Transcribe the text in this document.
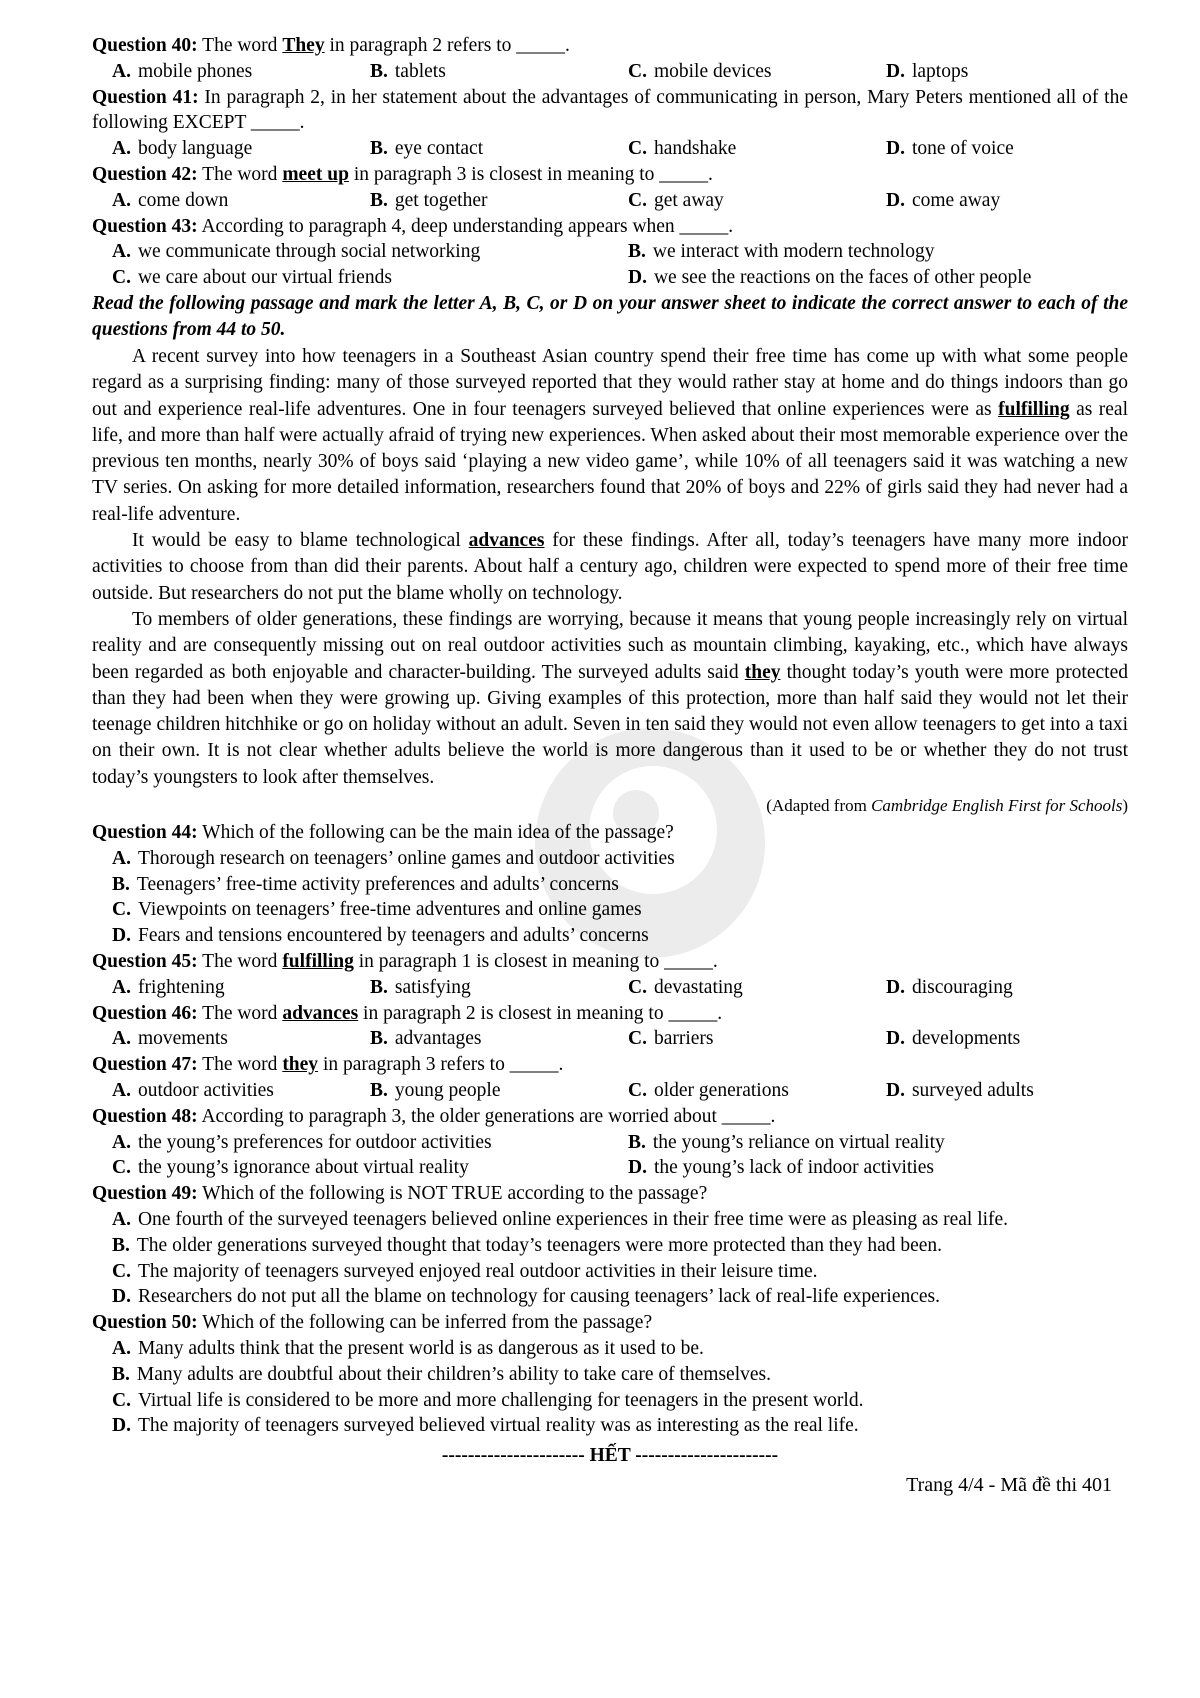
Question 40: The word They in paragraph 2 refers to _____.

A. mobile phones	B. tablets	C. mobile devices	D. laptops

Question 41: In paragraph 2, in her statement about the advantages of communicating in person, Mary Peters mentioned all of the following EXCEPT _____.

A. body language	B. eye contact	C. handshake	D. tone of voice

Question 42: The word meet up in paragraph 3 is closest in meaning to _____.

A. come down	B. get together	C. get away	D. come away

Question 43: According to paragraph 4, deep understanding appears when _____.

A. we communicate through social networking	B. we interact with modern technology
C. we care about our virtual friends	D. we see the reactions on the faces of other people

Read the following passage and mark the letter A, B, C, or D on your answer sheet to indicate the correct answer to each of the questions from 44 to 50.

A recent survey into how teenagers in a Southeast Asian country spend their free time has come up with what some people regard as a surprising finding: many of those surveyed reported that they would rather stay at home and do things indoors than go out and experience real-life adventures. One in four teenagers surveyed believed that online experiences were as fulfilling as real life, and more than half were actually afraid of trying new experiences. When asked about their most memorable experience over the previous ten months, nearly 30% of boys said ‘playing a new video game’, while 10% of all teenagers said it was watching a new TV series. On asking for more detailed information, researchers found that 20% of boys and 22% of girls said they had never had a real-life adventure.

It would be easy to blame technological advances for these findings. After all, today’s teenagers have many more indoor activities to choose from than did their parents. About half a century ago, children were expected to spend more of their free time outside. But researchers do not put the blame wholly on technology.

To members of older generations, these findings are worrying, because it means that young people increasingly rely on virtual reality and are consequently missing out on real outdoor activities such as mountain climbing, kayaking, etc., which have always been regarded as both enjoyable and character-building. The surveyed adults said they thought today’s youth were more protected than they had been when they were growing up. Giving examples of this protection, more than half said they would not let their teenage children hitchhike or go on holiday without an adult. Seven in ten said they would not even allow teenagers to get into a taxi on their own. It is not clear whether adults believe the world is more dangerous than it used to be or whether they do not trust today’s youngsters to look after themselves.

(Adapted from Cambridge English First for Schools)

Question 44: Which of the following can be the main idea of the passage?

A. Thorough research on teenagers’ online games and outdoor activities

B. Teenagers’ free-time activity preferences and adults’ concerns

C. Viewpoints on teenagers’ free-time adventures and online games

D. Fears and tensions encountered by teenagers and adults’ concerns

Question 45: The word fulfilling in paragraph 1 is closest in meaning to _____.

A. frightening	B. satisfying	C. devastating	D. discouraging

Question 46: The word advances in paragraph 2 is closest in meaning to _____.

A. movements	B. advantages	C. barriers	D. developments

Question 47: The word they in paragraph 3 refers to _____.

A. outdoor activities	B. young people	C. older generations	D. surveyed adults

Question 48: According to paragraph 3, the older generations are worried about _____.

A. the young’s preferences for outdoor activities	B. the young’s reliance on virtual reality
C. the young’s ignorance about virtual reality	D. the young’s lack of indoor activities

Question 49: Which of the following is NOT TRUE according to the passage?

A. One fourth of the surveyed teenagers believed online experiences in their free time were as pleasing as real life.

B. The older generations surveyed thought that today’s teenagers were more protected than they had been.

C. The majority of teenagers surveyed enjoyed real outdoor activities in their leisure time.

D. Researchers do not put all the blame on technology for causing teenagers’ lack of real-life experiences.

Question 50: Which of the following can be inferred from the passage?

A. Many adults think that the present world is as dangerous as it used to be.

B. Many adults are doubtful about their children’s ability to take care of themselves.

C. Virtual life is considered to be more and more challenging for teenagers in the present world.

D. The majority of teenagers surveyed believed virtual reality was as interesting as the real life.

---------------------- HẾT ----------------------

Trang 4/4 - Mã đề thi 401
